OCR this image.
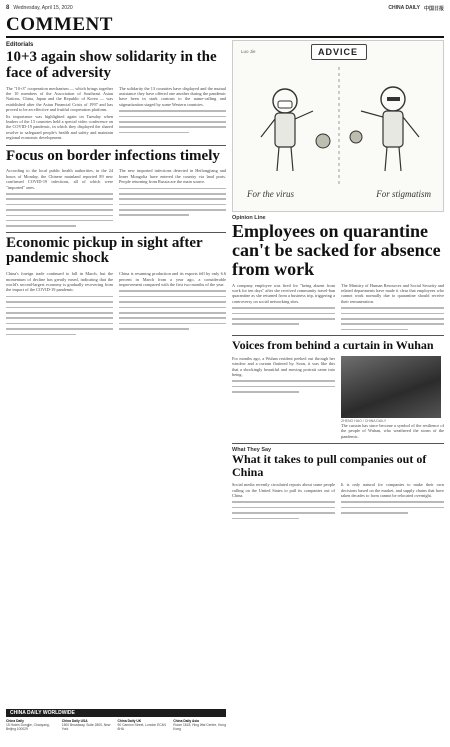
8 Wednesday, April 15, 2020	CHINA DAILY 中国日报
COMMENT
Editorials
10+3 again show solidarity in the face of adversity

The "10+3" cooperation mechanism — which brings together the 10 members of the Association of Southeast Asian Nations, China, Japan and the Republic of Korea — was established after the Asian Financial Crisis of 1997 and has proved to be an effective and fruitful cooperation platform.

Its importance was highlighted again on Tuesday when leaders of the 13 countries held a special video conference on the COVID-19 pandemic, in which they displayed the shared resolve to safeguard people's health and safety and maintain regional economic development.

The solidarity the 13 countries have displayed and the mutual assistance they have offered one another during the pandemic have been in stark contrast to the name-calling and stigmatization staged by some Western countries.

Focus on border infections timely

According to the local public health authorities, in the 24 hours of Monday, the Chinese mainland reported 89 new confirmed COVID-19 infections, all of which were "imported" ones.

The new imported infections detected in Heilongjiang and Inner Mongolia have entered the country via land ports. People returning from Russia are the main source.

Economic pickup in sight after pandemic shock

China's foreign trade continued to fall in March, but the momentum of decline has greatly eased, indicating that the world's second-largest economy is gradually recovering from the impact of the COVID-19 pandemic.

China is resuming production and its exports fell by only 6.6 percent in March from a year ago, a considerable improvement compared with the first two months of the year.

CHINA DAILY WORLDWIDE
China Daily
15 Huixin Dongjie, Chaoyang, Beijing 100029
China Daily USA
1500 Broadway, Suite 2800, New York
China Daily UK
90 Cannon Street, London EC4N 6HA
China Daily Asia
Room 1818, Hing Wai Centre, Hong Kong
Luo Jie	ADVICE
For the virus	For stigmatism
Opinion Line
Employees on quarantine can't be sacked for absence from work

A company employee was fired for "being absent from work for ten days" after she received community travel-ban quarantine as she returned from a business trip, triggering a controversy on social networking sites.

The Ministry of Human Resources and Social Security and related departments have made it clear that employees who cannot work normally due to quarantine should receive their remuneration.

Voices from behind a curtain in Wuhan

For months ago, a Wuhan resident peeked out through her window and a curtain fluttered by. Soon, it was like this that a shockingly beautiful and moving portrait came into being.

ZHENG HAO / CHINA DAILY

The curtain has since become a symbol of the resilience of the people of Wuhan, who weathered the storm of the pandemic.

What They Say
What it takes to pull companies out of China

Social media recently circulated reports about some people calling on the United States to pull its companies out of China.

It is only natural for companies to make their own decisions based on the market, and supply chains that have taken decades to form cannot be relocated overnight.
